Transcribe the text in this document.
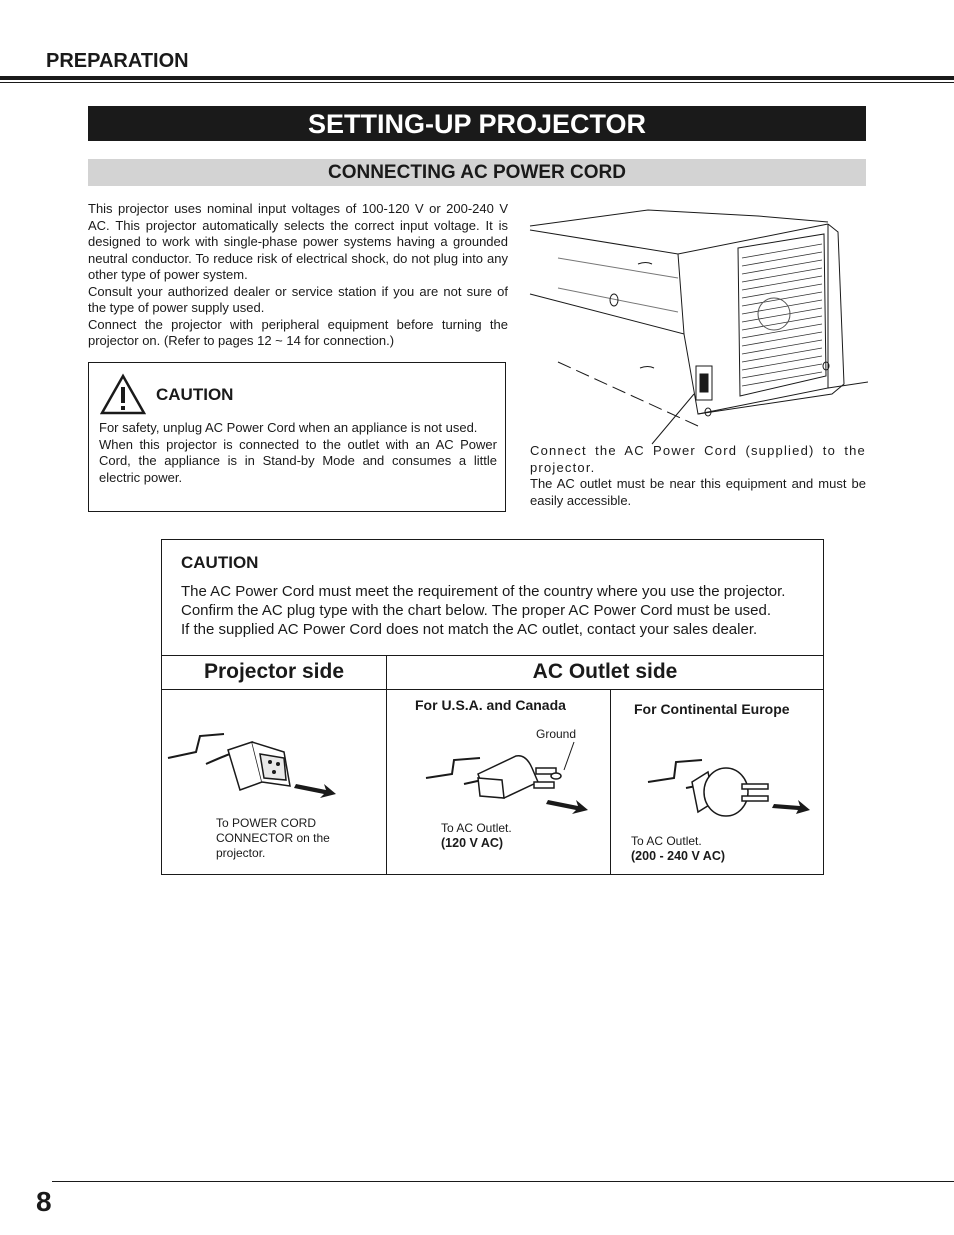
PREPARATION
SETTING-UP PROJECTOR
CONNECTING AC POWER CORD

This projector uses nominal input voltages of 100-120 V or 200-240 V AC. This projector automatically selects the correct input voltage. It is designed to work with single-phase power systems having a grounded neutral conductor. To reduce risk of electrical shock, do not plug into any other type of power system.

Consult your authorized dealer or service station if you are not sure of the type of power supply used.

Connect the projector with peripheral equipment before turning the projector on. (Refer to pages 12 ~ 14 for connection.)

CAUTION

For safety, unplug AC Power Cord when an appliance is not used.

When this projector is connected to the outlet with an AC Power Cord, the appliance is in Stand-by Mode and consumes a little electric power.

Connect the AC Power Cord (supplied) to the projector.

The AC outlet must be near this equipment and must be easily accessible.

CAUTION

The AC Power Cord must meet the requirement of the country where you use the projector.

Confirm the AC plug type with the chart below. The proper AC Power Cord must be used.

If the supplied AC Power Cord does not match the AC outlet, contact your sales dealer.

Projector side	AC Outlet side
To POWER CORD CONNECTOR on the projector.
For U.S.A. and Canada
Ground
To AC Outlet.
(120 V AC)
For Continental Europe
To AC Outlet.
(200 - 240 V AC)
8
